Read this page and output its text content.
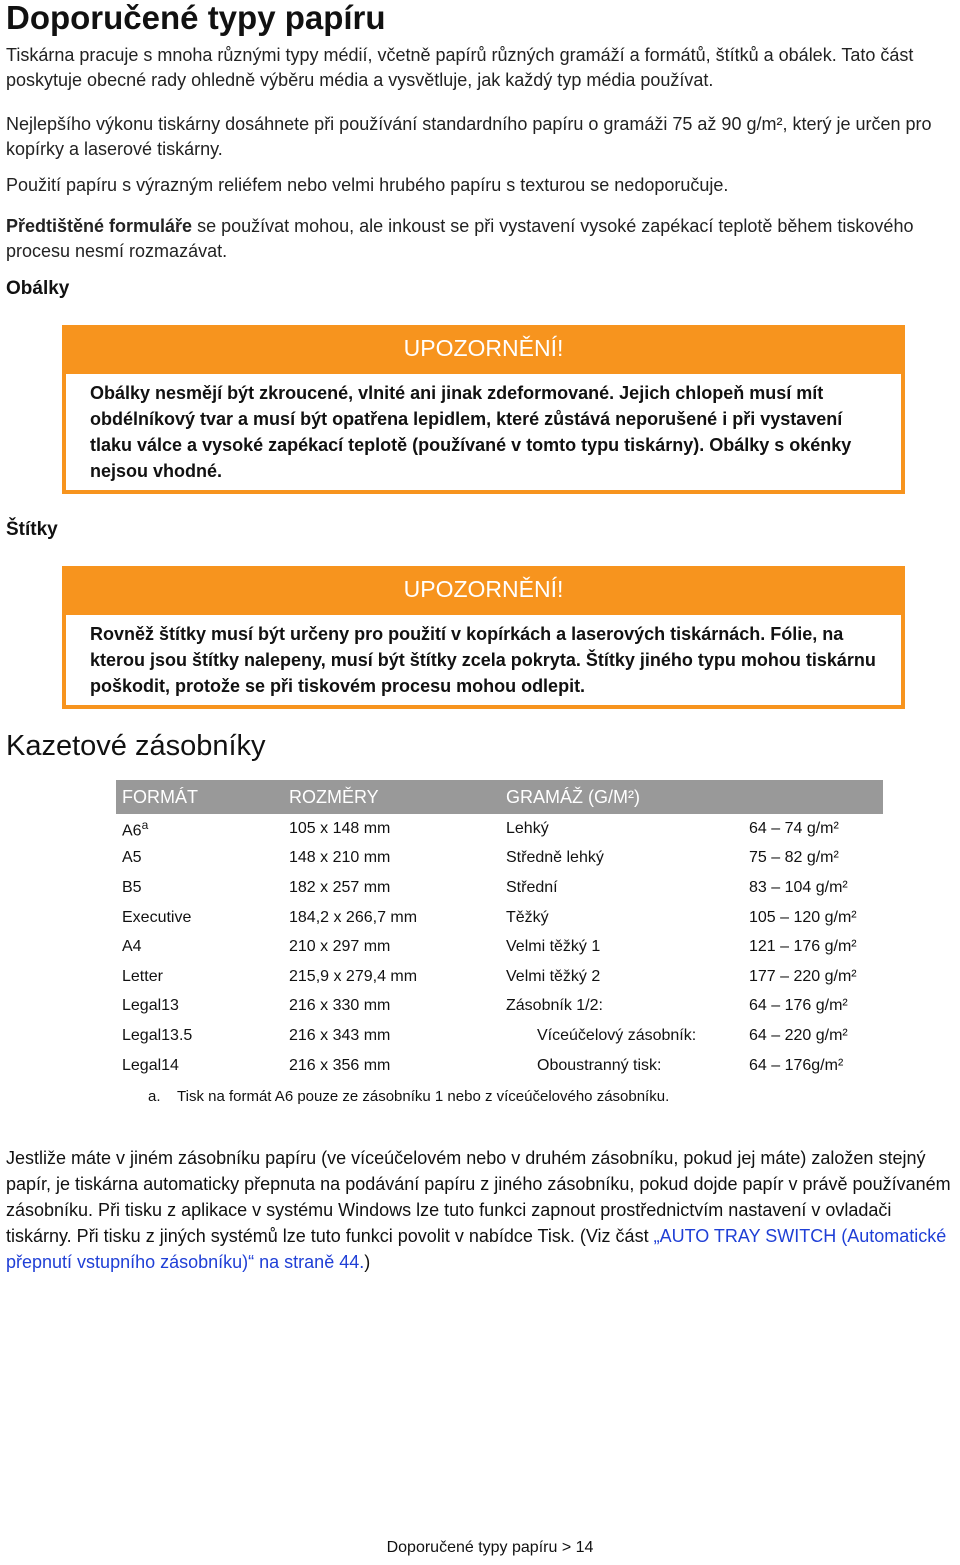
Doporučené typy papíru

Tiskárna pracuje s mnoha různými typy médií, včetně papírů různých gramáží a formátů, štítků a obálek. Tato část poskytuje obecné rady ohledně výběru média a vysvětluje, jak každý typ média používat.

Nejlepšího výkonu tiskárny dosáhnete při používání standardního papíru o gramáži 75 až 90 g/m², který je určen pro kopírky a laserové tiskárny.

Použití papíru s výrazným reliéfem nebo velmi hrubého papíru s texturou se nedoporučuje.

Předtištěné formuláře se používat mohou, ale inkoust se při vystavení vysoké zapékací teplotě během tiskového procesu nesmí rozmazávat.

Obálky
UPOZORNĚNÍ!

Obálky nesmějí být zkroucené, vlnité ani jinak zdeformované. Jejich chlopeň musí mít obdélníkový tvar a musí být opatřena lepidlem, které zůstává neporušené i při vystavení tlaku válce a vysoké zapékací teplotě (používané v tomto typu tiskárny). Obálky s okénky nejsou vhodné.

Štítky
UPOZORNĚNÍ!

Rovněž štítky musí být určeny pro použití v kopírkách a laserových tiskárnách. Fólie, na kterou jsou štítky nalepeny, musí být štítky zcela pokryta. Štítky jiného typu mohou tiskárnu poškodit, protože se při tiskovém procesu mohou odlepit.

Kazetové zásobníky
FORMÁT	ROZMĚRY	GRAMÁŽ (G/M²)	
A6$^a$	105 x 148 mm	Lehký	64 – 74 g/m²
A5	148 x 210 mm	Středně lehký	75 – 82 g/m²
B5	182 x 257 mm	Střední	83 – 104 g/m²
Executive	184,2 x 266,7 mm	Těžký	105 – 120 g/m²
A4	210 x 297 mm	Velmi těžký 1	121 – 176 g/m²
Letter	215,9 x 279,4 mm	Velmi těžký 2	177 – 220 g/m²
Legal13	216 x 330 mm	Zásobník 1/2:	64 – 176 g/m²
Legal13.5	216 x 343 mm	Víceúčelový zásobník:	64 – 220 g/m²
Legal14	216 x 356 mm	Oboustranný tisk:	64 – 176g/m²

a. Tisk na formát A6 pouze ze zásobníku 1 nebo z víceúčelového zásobníku.

Jestliže máte v jiném zásobníku papíru (ve víceúčelovém nebo v druhém zásobníku, pokud jej máte) založen stejný papír, je tiskárna automaticky přepnuta na podávání papíru z jiného zásobníku, pokud dojde papír v právě používaném zásobníku. Při tisku z aplikace v systému Windows lze tuto funkci zapnout prostřednictvím nastavení v ovladači tiskárny. Při tisku z jiných systémů lze tuto funkci povolit v nabídce Tisk. (Viz část „AUTO TRAY SWITCH (Automatické přepnutí vstupního zásobníku)“ na straně 44.)

Doporučené typy papíru > 14
